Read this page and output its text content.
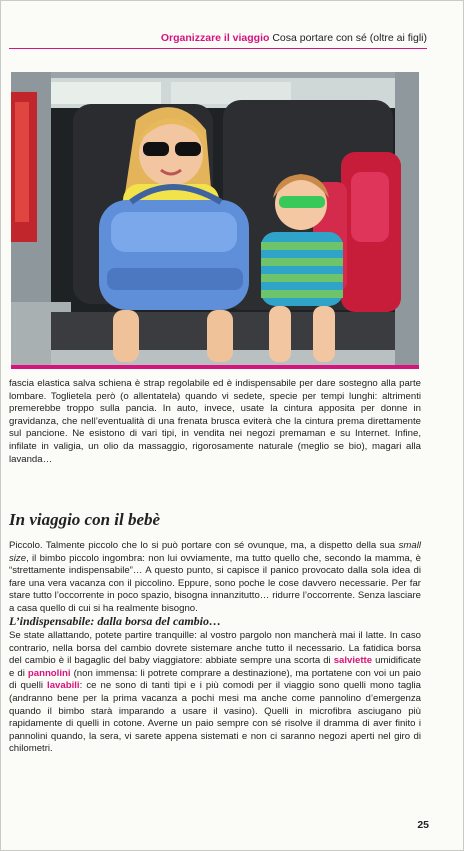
Organizzare il viaggio Cosa portare con sé (oltre ai figli)

fascia elastica salva schiena è strap regolabile ed è indispensabile per dare sostegno alla parte lombare. Toglietela però (o allentatela) quando vi sedete, specie per tempi lunghi: altrimenti premerebbe troppo sulla pancia. In auto, invece, usate la cintura apposita per donne in gravidanza, che nell’eventualità di una frenata brusca eviterà che la cintura prema direttamente sul pancione. Ne esistono di vari tipi, in vendita nei negozi premaman e su Internet. Infine, infilate in valigia, un olio da massaggio, rigorosamente naturale (meglio se bio), magari alla lavanda…

In viaggio con il bebè

Piccolo. Talmente piccolo che lo si può portare con sé ovunque, ma, a dispetto della sua small size, il bimbo piccolo ingombra: non lui ovviamente, ma tutto quello che, secondo la mamma, è “strettamente indispensabile”… A questo punto, si capisce il panico provocato dalla sola idea di fare una vera vacanza con il piccolino. Eppure, sono poche le cose davvero necessarie. Per far stare tutto l’occorrente in poco spazio, bisogna innanzitutto… ridurre l’occorrente. Senza lasciare a casa quello di cui si ha realmente bisogno.

L’indispensabile: dalla borsa del cambio…

Se state allattando, potete partire tranquille: al vostro pargolo non mancherà mai il latte. In caso contrario, nella borsa del cambio dovrete sistemare anche tutto il necessario. La fatidica borsa del cambio è il bagaglic del baby viaggiatore: abbiate sempre una scorta di salviette umidificate e di pannolini (non immensa: li potrete comprare a destinazione), ma portatene con voi un paio di quelli lavabili: ce ne sono di tanti tipi e i più comodi per il viaggio sono quelli mono taglia (andranno bene per la prima vacanza a pochi mesi ma anche come pannolino d’emergenza quando il bimbo starà imparando a usare il vasino). Quelli in microfibra asciugano più rapidamente di quelli in cotone. Averne un paio sempre con sé risolve il dramma di aver finito i pannolini quando, la sera, vi sarete appena sistemati e non ci saranno negozi aperti nel giro di chilometri.

25
